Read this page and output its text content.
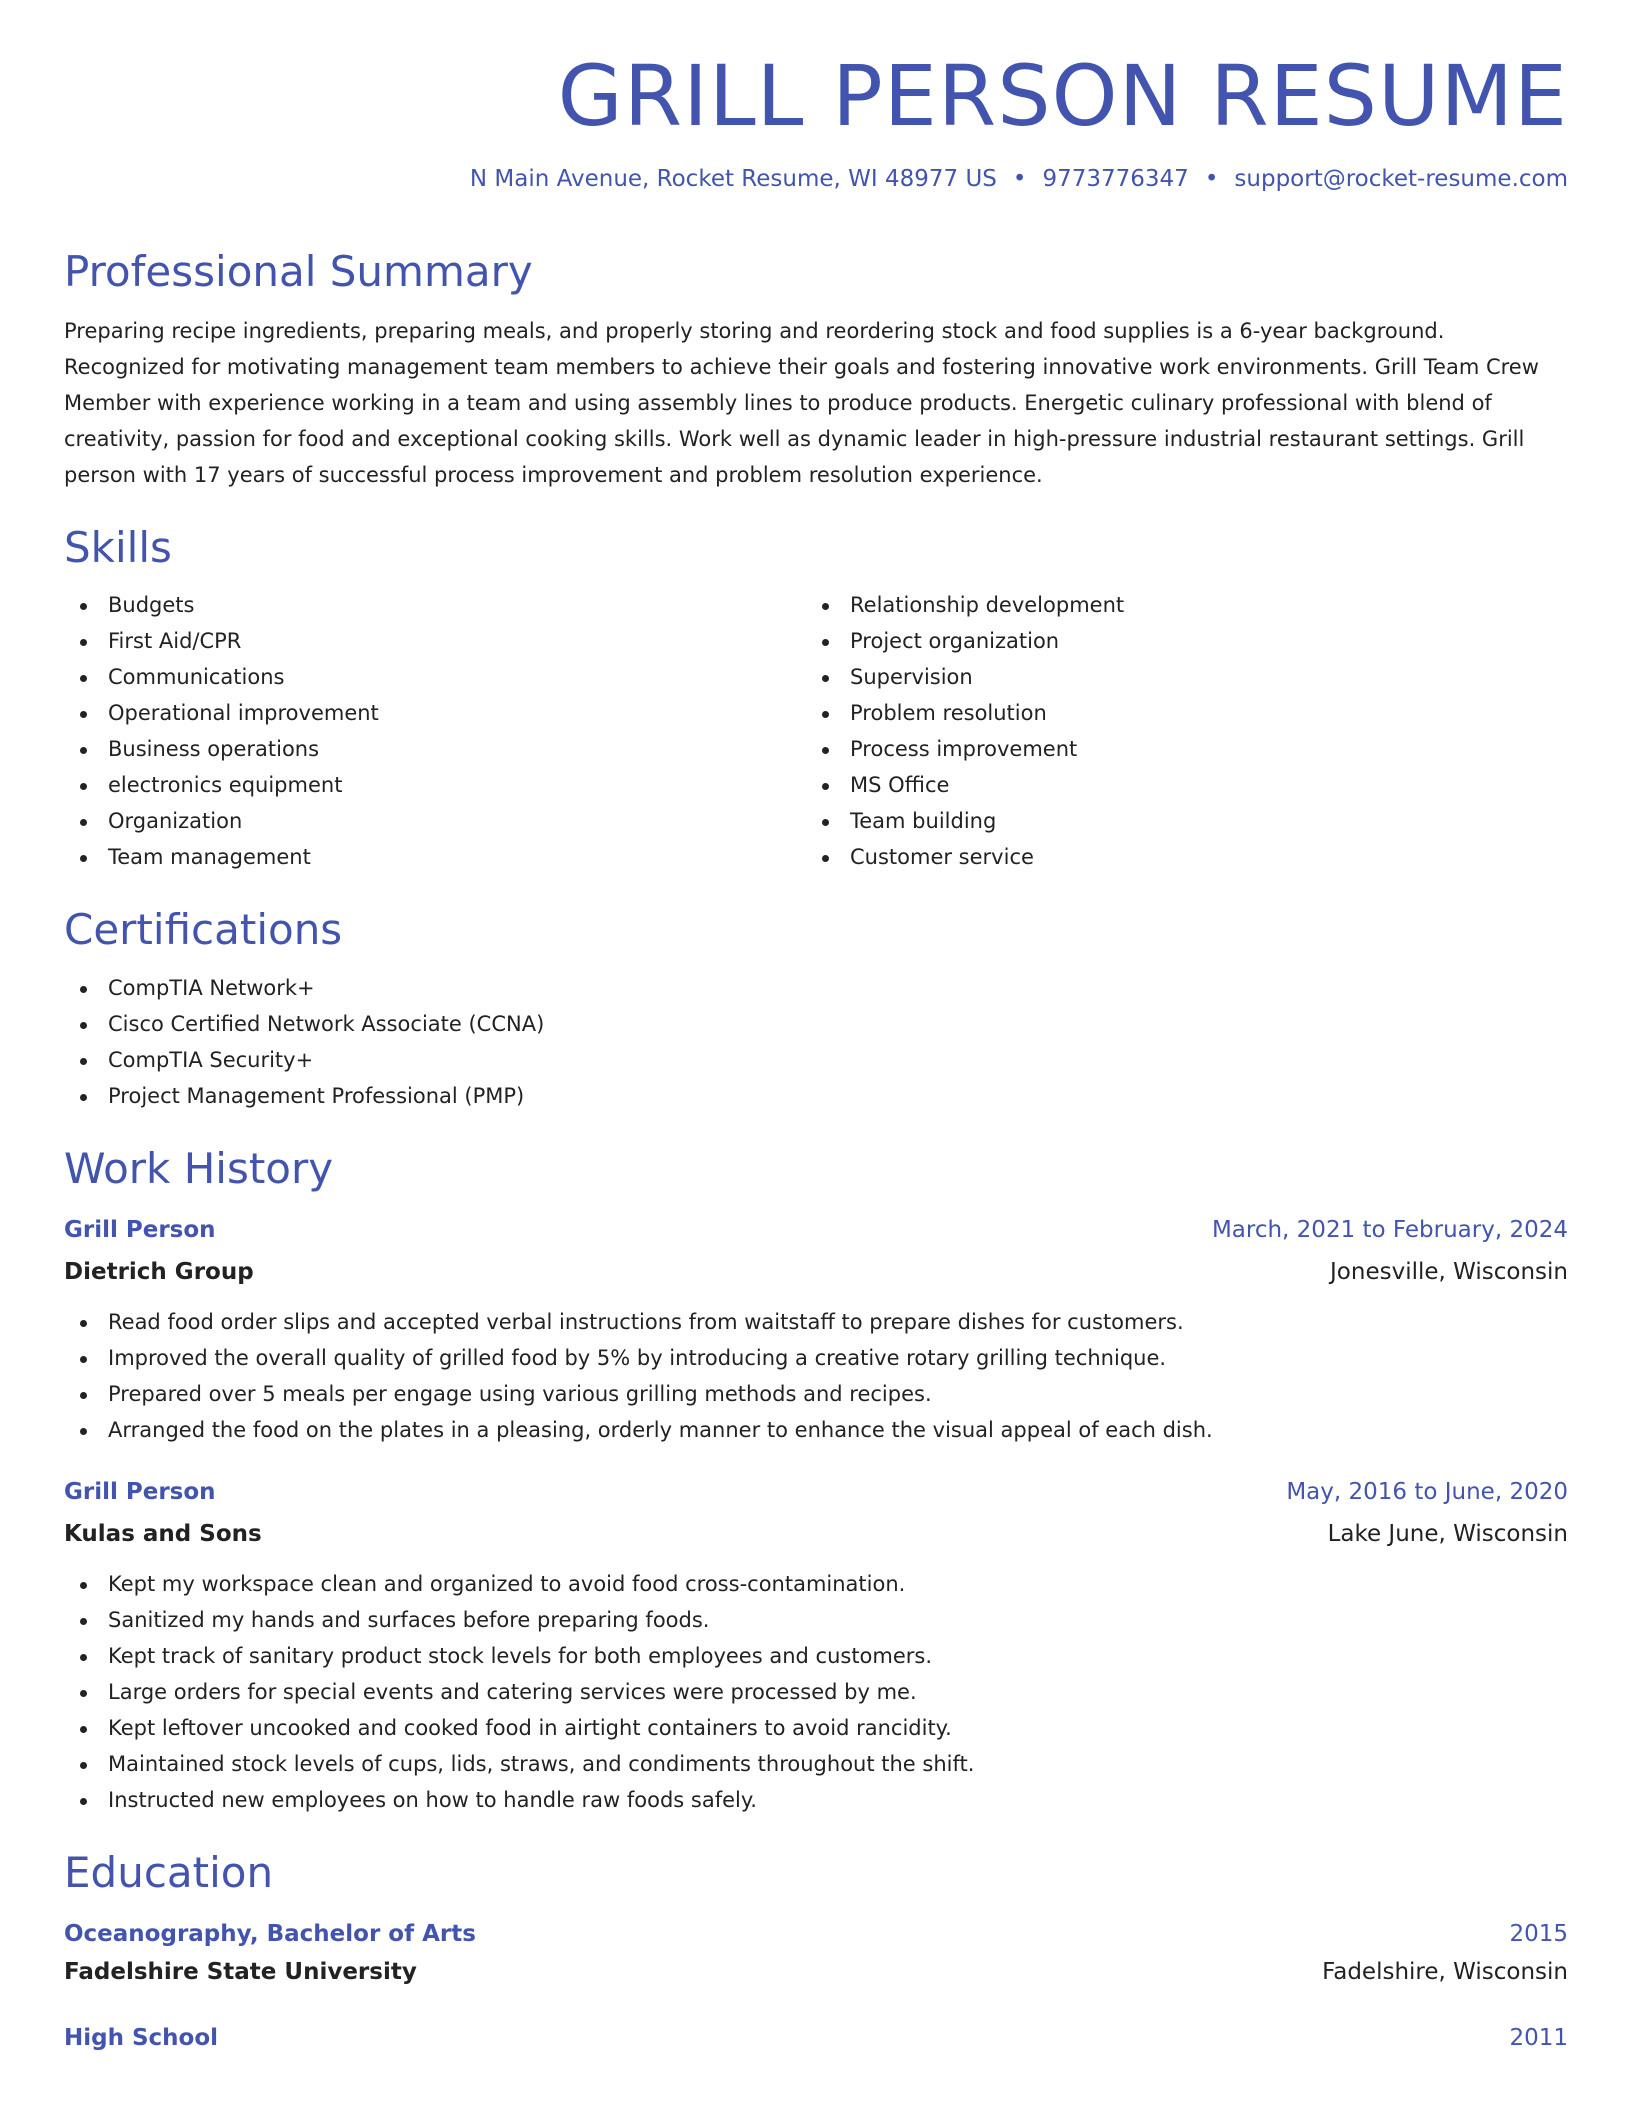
GRILL PERSON RESUME
N Main Avenue, Rocket Resume, WI 48977 US • 9773776347 • support@rocket-resume.com
Professional Summary
Preparing recipe ingredients, preparing meals, and properly storing and reordering stock and food supplies is a 6-year background. Recognized for motivating management team members to achieve their goals and fostering innovative work environments. Grill Team Crew Member with experience working in a team and using assembly lines to produce products. Energetic culinary professional with blend of creativity, passion for food and exceptional cooking skills. Work well as dynamic leader in high-pressure industrial restaurant settings. Grill person with 17 years of successful process improvement and problem resolution experience.
Skills
Budgets
First Aid/CPR
Communications
Operational improvement
Business operations
electronics equipment
Organization
Team management
Relationship development
Project organization
Supervision
Problem resolution
Process improvement
MS Office
Team building
Customer service
Certifications
CompTIA Network+
Cisco Certified Network Associate (CCNA)
CompTIA Security+
Project Management Professional (PMP)
Work History
Grill Person	March, 2021 to February, 2024
Dietrich Group	Jonesville, Wisconsin
Read food order slips and accepted verbal instructions from waitstaff to prepare dishes for customers.
Improved the overall quality of grilled food by 5% by introducing a creative rotary grilling technique.
Prepared over 5 meals per engage using various grilling methods and recipes.
Arranged the food on the plates in a pleasing, orderly manner to enhance the visual appeal of each dish.
Grill Person	May, 2016 to June, 2020
Kulas and Sons	Lake June, Wisconsin
Kept my workspace clean and organized to avoid food cross-contamination.
Sanitized my hands and surfaces before preparing foods.
Kept track of sanitary product stock levels for both employees and customers.
Large orders for special events and catering services were processed by me.
Kept leftover uncooked and cooked food in airtight containers to avoid rancidity.
Maintained stock levels of cups, lids, straws, and condiments throughout the shift.
Instructed new employees on how to handle raw foods safely.
Education
Oceanography, Bachelor of Arts	2015
Fadelshire State University	Fadelshire, Wisconsin
High School	2011
